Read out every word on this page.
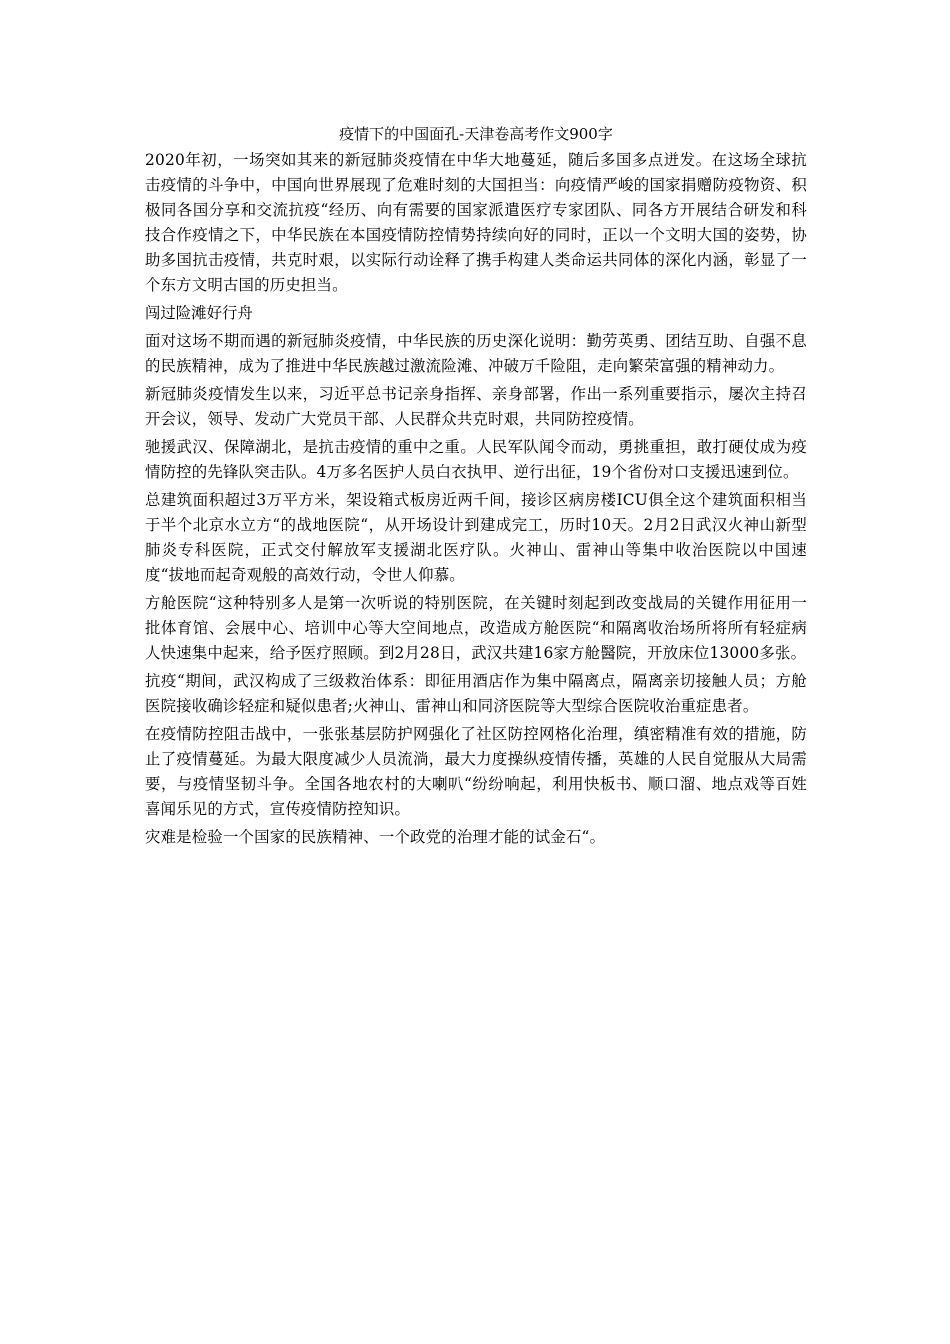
疫情下的中国面孔-天津卷高考作文900字
2020年初，一场突如其来的新冠肺炎疫情在中华大地蔓延，随后多国多点迸发。在这场全球抗击疫情的斗争中，中国向世界展现了危难时刻的大国担当：向疫情严峻的国家捐赠防疫物资、积极同各国分享和交流抗疫“经历、向有需要的国家派遣医疗专家团队、同各方开展结合研发和科技合作疫情之下，中华民族在本国疫情防控情势持续向好的同时，正以一个文明大国的姿势，协助多国抗击疫情，共克时艰，以实际行动诠释了携手构建人类命运共同体的深化内涵，彰显了一个东方文明古国的历史担当。
闯过险滩好行舟
面对这场不期而遇的新冠肺炎疫情，中华民族的历史深化说明：勤劳英勇、团结互助、自强不息的民族精神，成为了推进中华民族越过激流险滩、冲破万千险阻，走向繁荣富强的精神动力。
新冠肺炎疫情发生以来，习近平总书记亲身指挥、亲身部署，作出一系列重要指示，屡次主持召开会议，领导、发动广大党员干部、人民群众共克时艰，共同防控疫情。
驰援武汉、保障湖北，是抗击疫情的重中之重。人民军队闻令而动，勇挑重担，敢打硬仗成为疫情防控的先锋队突击队。4万多名医护人员白衣执甲、逆行出征，19个省份对口支援迅速到位。
总建筑面积超过3万平方米，架设箱式板房近两千间，接诊区病房楼ICU俱全这个建筑面积相当于半个北京水立方“的战地医院“，从开场设计到建成完工，历时10天。2月2日武汉火神山新型肺炎专科医院，正式交付解放军支援湖北医疗队。火神山、雷神山等集中收治医院以中国速度“拔地而起奇观般的高效行动，令世人仰慕。
方舱医院“这种特别多人是第一次听说的特别医院，在关键时刻起到改变战局的关键作用征用一批体育馆、会展中心、培训中心等大空间地点，改造成方舱医院“和隔离收治场所将所有轻症病人快速集中起来，给予医疗照顾。到2月28日，武汉共建16家方舱醫院，开放床位13000多张。
抗疫“期间，武汉构成了三级救治体系：即征用酒店作为集中隔离点，隔离亲切接触人员；方舱医院接收确诊轻症和疑似患者;火神山、雷神山和同济医院等大型综合医院收治重症患者。
在疫情防控阻击战中，一张张基层防护网强化了社区防控网格化治理，缜密精准有效的措施，防止了疫情蔓延。为最大限度减少人员流淌，最大力度操纵疫情传播，英雄的人民自觉服从大局需要，与疫情坚韧斗争。全国各地农村的大喇叭“纷纷响起，利用快板书、顺口溜、地点戏等百姓喜闻乐见的方式，宣传疫情防控知识。
灾难是检验一个国家的民族精神、一个政党的治理才能的试金石“。
